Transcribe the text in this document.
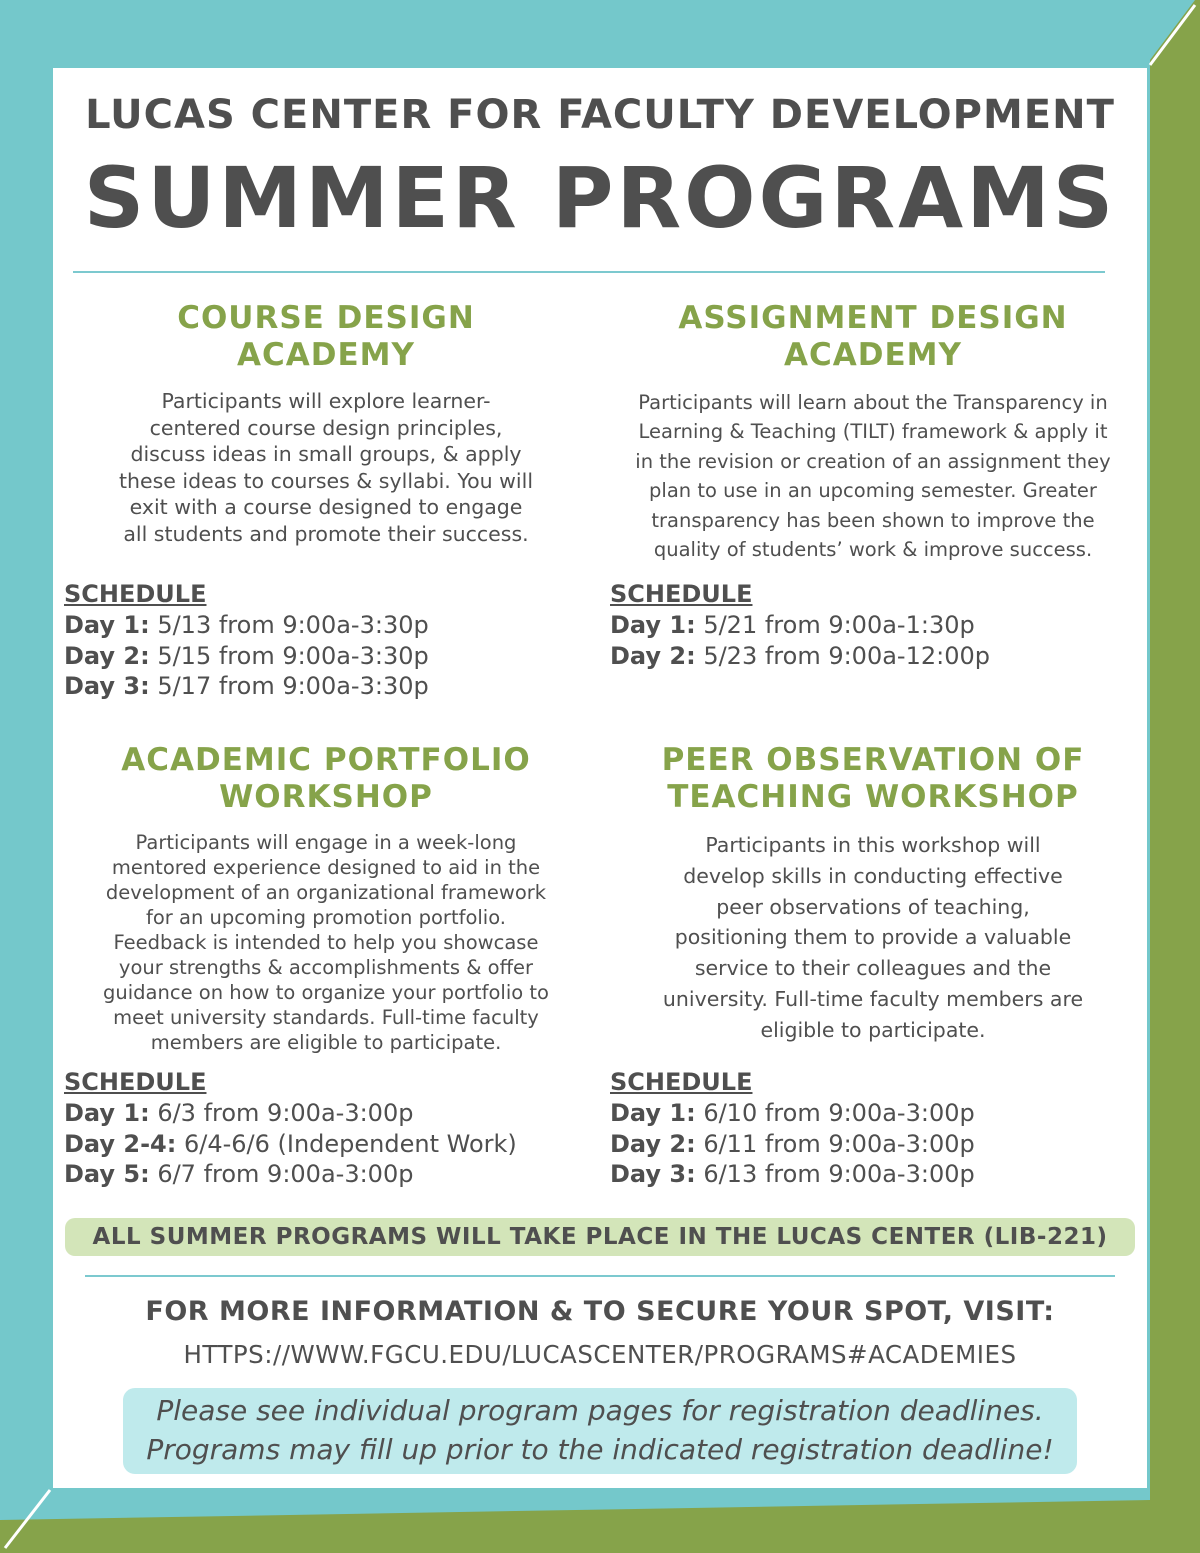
LUCAS CENTER FOR FACULTY DEVELOPMENT
SUMMER PROGRAMS
COURSE DESIGN
ACADEMY
Participants will explore learner-
centered course design principles,
discuss ideas in small groups, & apply
these ideas to courses & syllabi. You will
exit with a course designed to engage
all students and promote their success.
SCHEDULE
Day 1: 5/13 from 9:00a-3:30p
Day 2: 5/15 from 9:00a-3:30p
Day 3: 5/17 from 9:00a-3:30p
ASSIGNMENT DESIGN
ACADEMY
Participants will learn about the Transparency in
Learning & Teaching (TILT) framework & apply it
in the revision or creation of an assignment they
plan to use in an upcoming semester. Greater
transparency has been shown to improve the
quality of students’ work & improve success.
SCHEDULE
Day 1: 5/21 from 9:00a-1:30p
Day 2: 5/23 from 9:00a-12:00p
ACADEMIC PORTFOLIO
WORKSHOP
Participants will engage in a week-long
mentored experience designed to aid in the
development of an organizational framework
for an upcoming promotion portfolio.
Feedback is intended to help you showcase
your strengths & accomplishments & offer
guidance on how to organize your portfolio to
meet university standards. Full-time faculty
members are eligible to participate.
SCHEDULE
Day 1: 6/3 from 9:00a-3:00p
Day 2-4: 6/4-6/6 (Independent Work)
Day 5: 6/7 from 9:00a-3:00p
PEER OBSERVATION OF
TEACHING WORKSHOP
Participants in this workshop will
develop skills in conducting effective
peer observations of teaching,
positioning them to provide a valuable
service to their colleagues and the
university. Full-time faculty members are
eligible to participate.
SCHEDULE
Day 1: 6/10 from 9:00a-3:00p
Day 2: 6/11 from 9:00a-3:00p
Day 3: 6/13 from 9:00a-3:00p
ALL SUMMER PROGRAMS WILL TAKE PLACE IN THE LUCAS CENTER (LIB-221)
FOR MORE INFORMATION & TO SECURE YOUR SPOT, VISIT:
HTTPS://WWW.FGCU.EDU/LUCASCENTER/PROGRAMS#ACADEMIES
Please see individual program pages for registration deadlines.
Programs may fill up prior to the indicated registration deadline!
